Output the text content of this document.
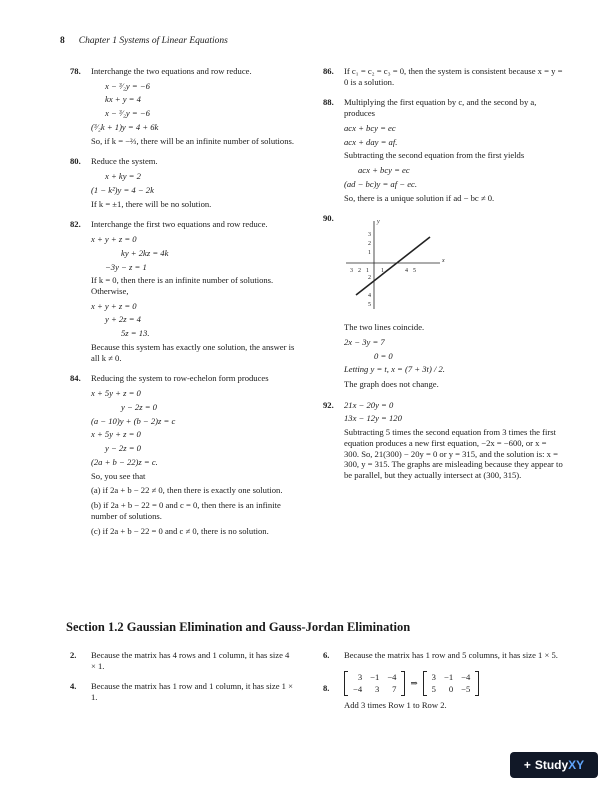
8 Chapter 1 Systems of Linear Equations
78. Interchange the two equations and row reduce.
x − ³⁄₂y = −6
kx + y = 4
x − ³⁄₂y = −6
(³⁄₂k + 1)y = 4 + 6k
So, if k = −⅔, there will be an infinite number of solutions.
80. Reduce the system.
x + ky = 2
(1 − k²)y = 4 − 2k
If k = ±1, there will be no solution.
82. Interchange the first two equations and row reduce.
x + y + z = 0
ky + 2kz = 4k
−3y − z = 1
If k = 0, then there is an infinite number of solutions. Otherwise,
x + y + z = 0
y + 2z = 4
5z = 13.
Because this system has exactly one solution, the answer is all k ≠ 0.
84. Reducing the system to row-echelon form produces
x + 5y + z = 0
y − 2z = 0
(a − 10)y + (b − 2)z = c
x + 5y + z = 0
y − 2z = 0
(2a + b − 22)z = c.
So, you see that
(a) if 2a + b − 22 ≠ 0, then there is exactly one solution.
(b) if 2a + b − 22 = 0 and c = 0, then there is an infinite number of solutions.
(c) if 2a + b − 22 = 0 and c ≠ 0, there is no solution.
86. If c₁ = c₂ = c₃ = 0, then the system is consistent because x = y = 0 is a solution.
88. Multiplying the first equation by c, and the second by a, produces
acx + bcy = ec
acx + day = af.
Subtracting the second equation from the first yields
acx + bcy = ec
(ad − bc)y = af − ec.
So, there is a unique solution if ad − bc ≠ 0.
90.
x
y
3 2 1 1	4 5
3
2
1
2
4
5
The two lines coincide.
2x − 3y = 7
0 = 0
Letting y = t, x = (7 + 3t) / 2.
The graph does not change.
92. 21x − 20y = 0
13x − 12y = 120
Subtracting 5 times the second equation from 3 times the first equation produces a new first equation, −2x = −600, or x = 300. So, 21(300) − 20y = 0 or y = 315, and the solution is: x = 300, y = 315. The graphs are misleading because they appear to be parallel, but they actually intersect at (300, 315).
Section 1.2 Gaussian Elimination and Gauss-Jordan Elimination
2. Because the matrix has 4 rows and 1 column, it has size 4 × 1.
4. Because the matrix has 1 row and 1 column, it has size 1 × 1.
6. Because the matrix has 1 row and 5 columns, it has size 1 × 5.
8.
3	−1	−4
−4	3	7
⇒
3	−1	−4
5	0	−5
Add 3 times Row 1 to Row 2.
+ StudyXY
